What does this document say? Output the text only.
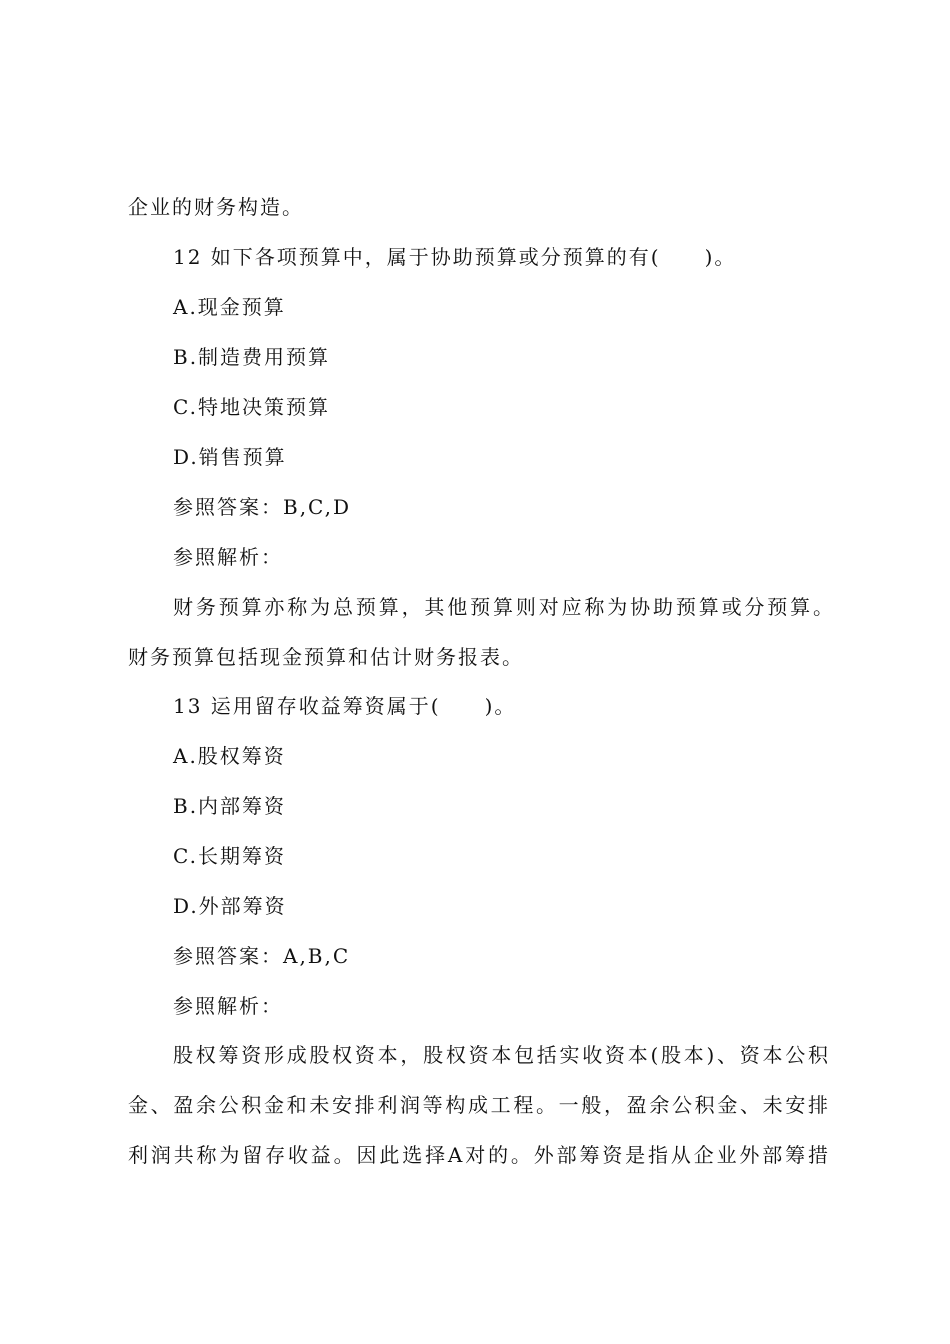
企业的财务构造。
12 如下各项预算中，属于协助预算或分预算的有(　　)。
A.现金预算
B.制造费用预算
C.特地决策预算
D.销售预算
参照答案：B,C,D
参照解析：
财务预算亦称为总预算，其他预算则对应称为协助预算或分预算。
财务预算包括现金预算和估计财务报表。
13 运用留存收益筹资属于(　　)。
A.股权筹资
B.内部筹资
C.长期筹资
D.外部筹资
参照答案：A,B,C
参照解析：
股权筹资形成股权资本，股权资本包括实收资本(股本)、资本公积
金、盈余公积金和未安排利润等构成工程。一般，盈余公积金、未安排
利润共称为留存收益。因此选择A对的。外部筹资是指从企业外部筹措
